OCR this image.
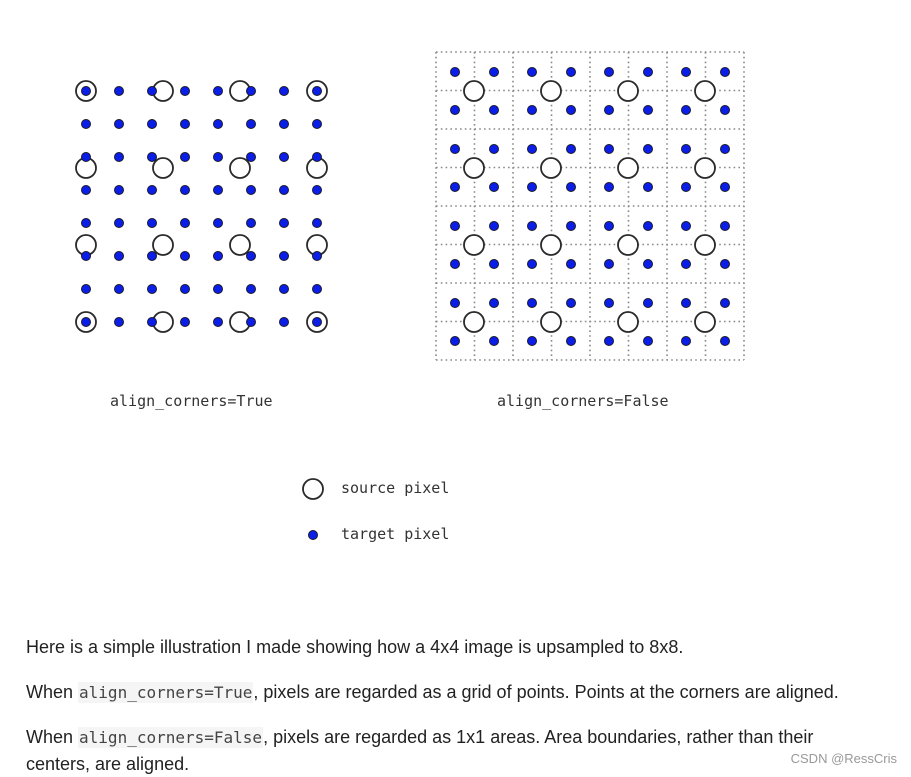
align_corners=True	align_corners=False
source pixel
target pixel
Here is a simple illustration I made showing how a 4x4 image is upsampled to 8x8.
When align_corners=True, pixels are regarded as a grid of points. Points at the corners are aligned.
When align_corners=False, pixels are regarded as 1x1 areas. Area boundaries, rather than their centers, are aligned.	CSDN @RessCris
